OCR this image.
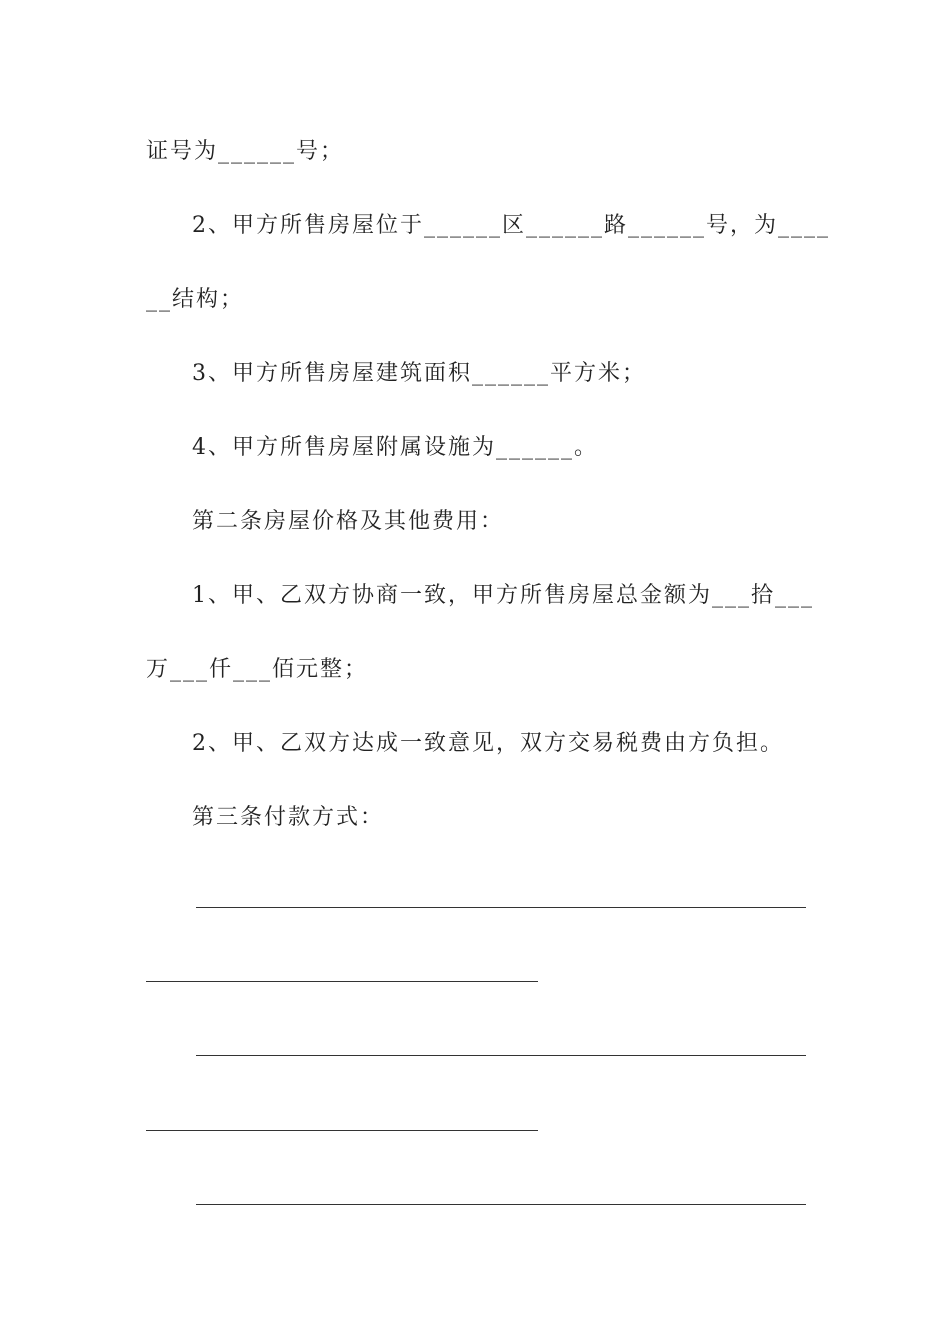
证号为______号；
2、甲方所售房屋位于______区______路______号，为____
__结构；
3、甲方所售房屋建筑面积______平方米；
4、甲方所售房屋附属设施为______。
第二条房屋价格及其他费用：
1、甲、乙双方协商一致，甲方所售房屋总金额为___拾___
万___仟___佰元整；
2、甲、乙双方达成一致意见，双方交易税费由方负担。
第三条付款方式：
